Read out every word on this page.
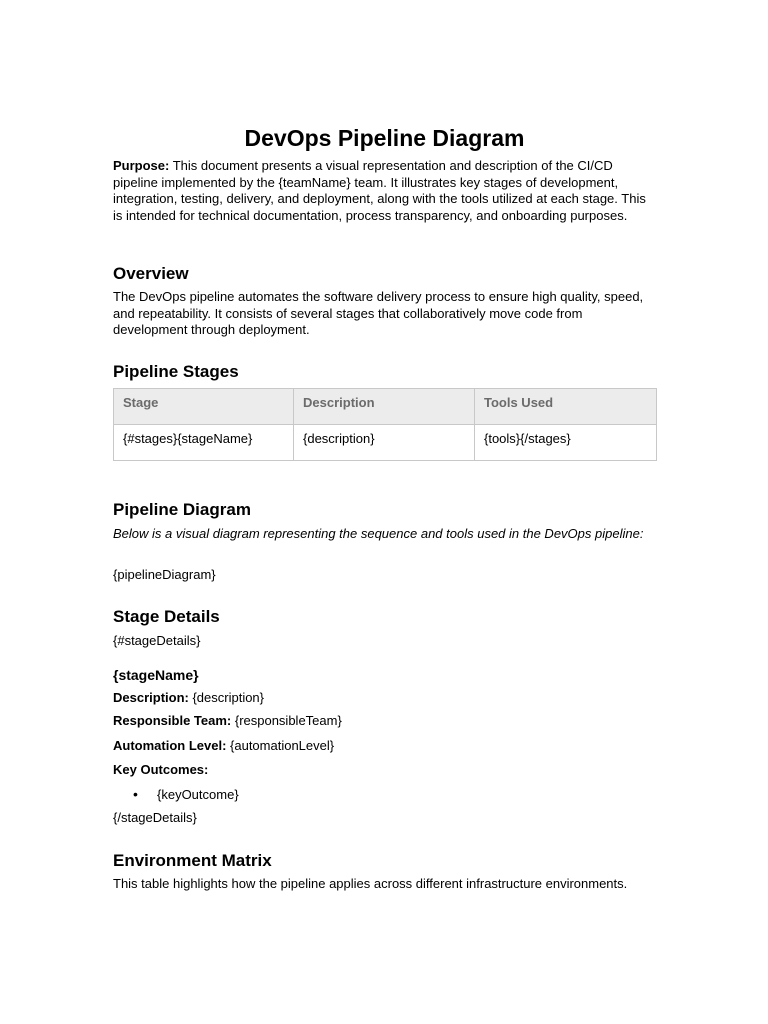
DevOps Pipeline Diagram

Purpose: This document presents a visual representation and description of the CI/CD pipeline implemented by the {teamName} team. It illustrates key stages of development, integration, testing, delivery, and deployment, along with the tools utilized at each stage. This is intended for technical documentation, process transparency, and onboarding purposes.

Overview

The DevOps pipeline automates the software delivery process to ensure high quality, speed, and repeatability. It consists of several stages that collaboratively move code from development through deployment.

Pipeline Stages
Stage	Description	Tools Used
{#stages}{stageName}	{description}	{tools}{/stages}
Pipeline Diagram

Below is a visual diagram representing the sequence and tools used in the DevOps pipeline:

{pipelineDiagram}

Stage Details

{#stageDetails}

{stageName}

Description: {description}

Responsible Team: {responsibleTeam}

Automation Level: {automationLevel}

Key Outcomes:

• {keyOutcome}

{/stageDetails}

Environment Matrix

This table highlights how the pipeline applies across different infrastructure environments.
